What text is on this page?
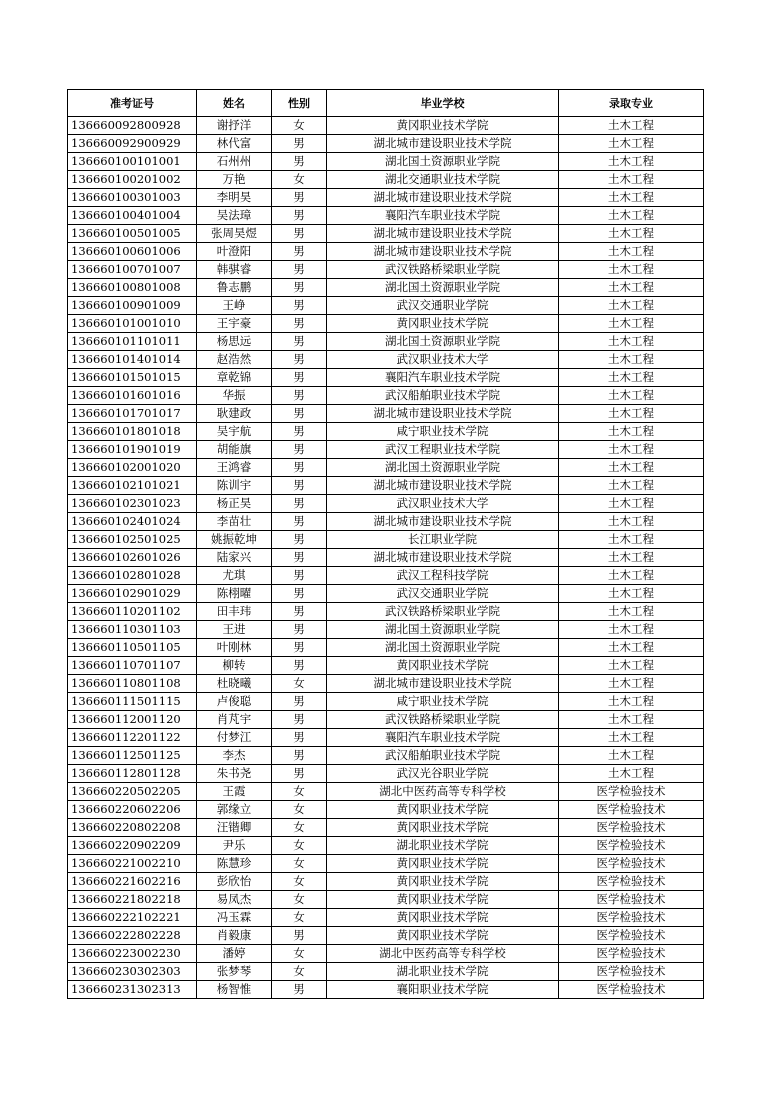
准考证号	姓名	性别	毕业学校	录取专业
136660092800928	谢抒洋	女	黄冈职业技术学院	土木工程
136660092900929	林代富	男	湖北城市建设职业技术学院	土木工程
136660100101001	石州州	男	湖北国土资源职业学院	土木工程
136660100201002	万艳	女	湖北交通职业技术学院	土木工程
136660100301003	李明昊	男	湖北城市建设职业技术学院	土木工程
136660100401004	吴法璋	男	襄阳汽车职业技术学院	土木工程
136660100501005	张周昊煜	男	湖北城市建设职业技术学院	土木工程
136660100601006	叶澄阳	男	湖北城市建设职业技术学院	土木工程
136660100701007	韩骐睿	男	武汉铁路桥梁职业学院	土木工程
136660100801008	鲁志鹏	男	湖北国土资源职业学院	土木工程
136660100901009	王峥	男	武汉交通职业学院	土木工程
136660101001010	王宇豪	男	黄冈职业技术学院	土木工程
136660101101011	杨思远	男	湖北国土资源职业学院	土木工程
136660101401014	赵浩然	男	武汉职业技术大学	土木工程
136660101501015	章乾锦	男	襄阳汽车职业技术学院	土木工程
136660101601016	华振	男	武汉船舶职业技术学院	土木工程
136660101701017	耿建政	男	湖北城市建设职业技术学院	土木工程
136660101801018	吴宇航	男	咸宁职业技术学院	土木工程
136660101901019	胡能旗	男	武汉工程职业技术学院	土木工程
136660102001020	王鸿睿	男	湖北国土资源职业学院	土木工程
136660102101021	陈训宇	男	湖北城市建设职业技术学院	土木工程
136660102301023	杨正昊	男	武汉职业技术大学	土木工程
136660102401024	李苗壮	男	湖北城市建设职业技术学院	土木工程
136660102501025	姚振乾坤	男	长江职业学院	土木工程
136660102601026	陆家兴	男	湖北城市建设职业技术学院	土木工程
136660102801028	尤琪	男	武汉工程科技学院	土木工程
136660102901029	陈栩曜	男	武汉交通职业学院	土木工程
136660110201102	田丰玮	男	武汉铁路桥梁职业学院	土木工程
136660110301103	王进	男	湖北国土资源职业学院	土木工程
136660110501105	叶刚林	男	湖北国土资源职业学院	土木工程
136660110701107	柳转	男	黄冈职业技术学院	土木工程
136660110801108	杜晓曦	女	湖北城市建设职业技术学院	土木工程
136660111501115	卢俊聪	男	咸宁职业技术学院	土木工程
136660112001120	肖芃宇	男	武汉铁路桥梁职业学院	土木工程
136660112201122	付梦江	男	襄阳汽车职业技术学院	土木工程
136660112501125	李杰	男	武汉船舶职业技术学院	土木工程
136660112801128	朱书尧	男	武汉光谷职业学院	土木工程
136660220502205	王霞	女	湖北中医药高等专科学校	医学检验技术
136660220602206	郭缘立	女	黄冈职业技术学院	医学检验技术
136660220802208	汪锴卿	女	黄冈职业技术学院	医学检验技术
136660220902209	尹乐	女	湖北职业技术学院	医学检验技术
136660221002210	陈慧珍	女	黄冈职业技术学院	医学检验技术
136660221602216	彭欣怡	女	黄冈职业技术学院	医学检验技术
136660221802218	易凤杰	女	黄冈职业技术学院	医学检验技术
136660222102221	冯玉霖	女	黄冈职业技术学院	医学检验技术
136660222802228	肖毅康	男	黄冈职业技术学院	医学检验技术
136660223002230	潘婷	女	湖北中医药高等专科学校	医学检验技术
136660230302303	张梦琴	女	湖北职业技术学院	医学检验技术
136660231302313	杨智惟	男	襄阳职业技术学院	医学检验技术
